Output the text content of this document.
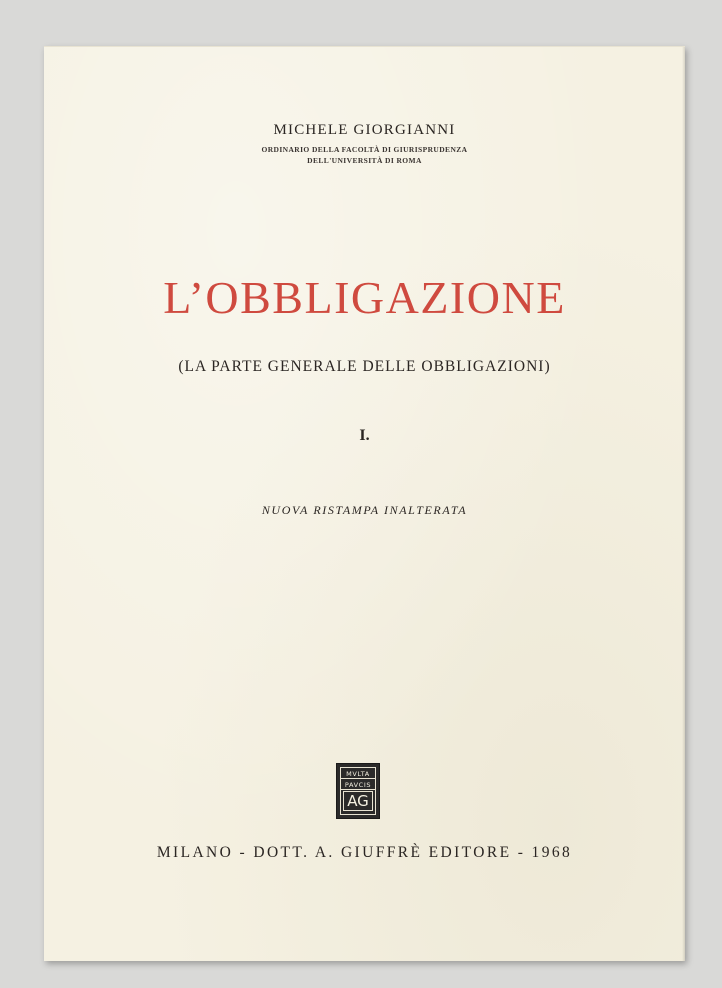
MICHELE GIORGIANNI
ORDINARIO DELLA FACOLTÀ DI GIURISPRUDENZA
DELL'UNIVERSITÀ DI ROMA
L’OBBLIGAZIONE
(LA PARTE GENERALE DELLE OBBLIGAZIONI)
I.
NUOVA RISTAMPA INALTERATA
MVLTA
PAVCIS
AG
MILANO - DOTT. A. GIUFFRÈ EDITORE - 1968
